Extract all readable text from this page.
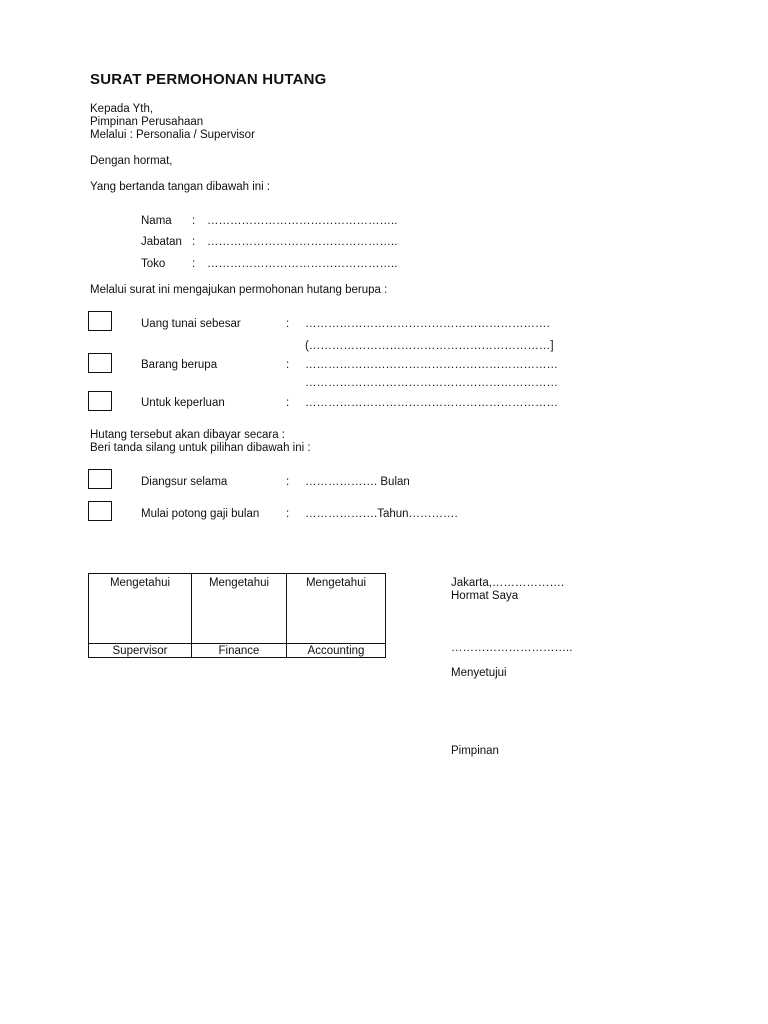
SURAT PERMOHONAN HUTANG
Kepada Yth,
Pimpinan Perusahaan
Melalui : Personalia / Supervisor
Dengan hormat,
Yang bertanda tangan dibawah ini :
Nama : …………………………………………..
Jabatan : …………………………………………..
Toko : …………………………………………..
Melalui surat ini mengajukan permohonan hutang berupa :
Uang tunai sebesar	: ……………………………………………………….
(………………………………………………………]
Barang berupa	: …………………………………………………………
…………………………………………………………
Untuk keperluan	: …………………………………………………………
Hutang tersebut akan dibayar secara :
Beri tanda silang untuk pilihan dibawah ini :
Diangsur selama	: ………………. Bulan
Mulai potong gaji bulan : ……………….Tahun………….
Mengetahui	Mengetahui	Mengetahui
Supervisor	Finance	Accounting
Jakarta,……………….
Hormat Saya
…………………………..
Menyetujui
Pimpinan
